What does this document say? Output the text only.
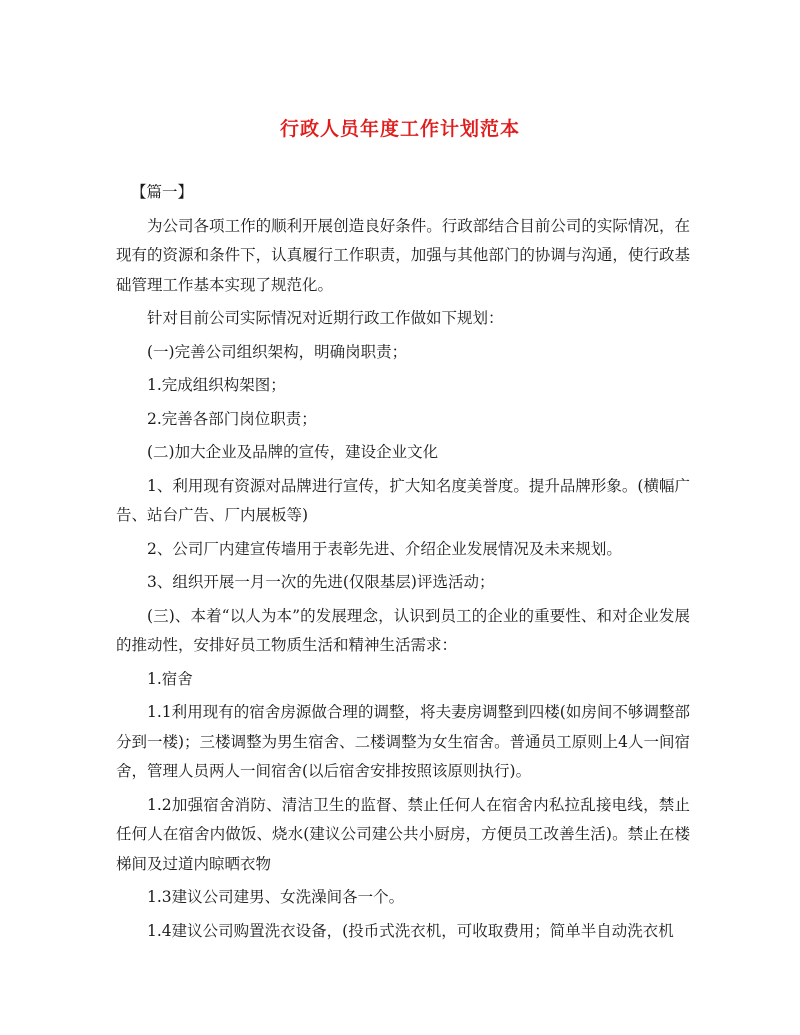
行政人员年度工作计划范本

【篇一】

为公司各项工作的顺利开展创造良好条件。行政部结合目前公司的实际情况，在现有的资源和条件下，认真履行工作职责，加强与其他部门的协调与沟通，使行政基础管理工作基本实现了规范化。

针对目前公司实际情况对近期行政工作做如下规划：

(一)完善公司组织架构，明确岗职责；

1.完成组织构架图；

2.完善各部门岗位职责；

(二)加大企业及品牌的宣传，建设企业文化

1、利用现有资源对品牌进行宣传，扩大知名度美誉度。提升品牌形象。(横幅广告、站台广告、厂内展板等)

2、公司厂内建宣传墙用于表彰先进、介绍企业发展情况及未来规划。

3、组织开展一月一次的先进(仅限基层)评选活动；

(三)、本着“以人为本”的发展理念，认识到员工的企业的重要性、和对企业发展的推动性，安排好员工物质生活和精神生活需求：

1.宿舍

1.1利用现有的宿舍房源做合理的调整，将夫妻房调整到四楼(如房间不够调整部分到一楼)；三楼调整为男生宿舍、二楼调整为女生宿舍。普通员工原则上4人一间宿舍，管理人员两人一间宿舍(以后宿舍安排按照该原则执行)。

1.2加强宿舍消防、清洁卫生的监督、禁止任何人在宿舍内私拉乱接电线，禁止任何人在宿舍内做饭、烧水(建议公司建公共小厨房，方便员工改善生活)。禁止在楼梯间及过道内晾晒衣物

1.3建议公司建男、女洗澡间各一个。

1.4建议公司购置洗衣设备，(投币式洗衣机，可收取费用；简单半自动洗衣机
